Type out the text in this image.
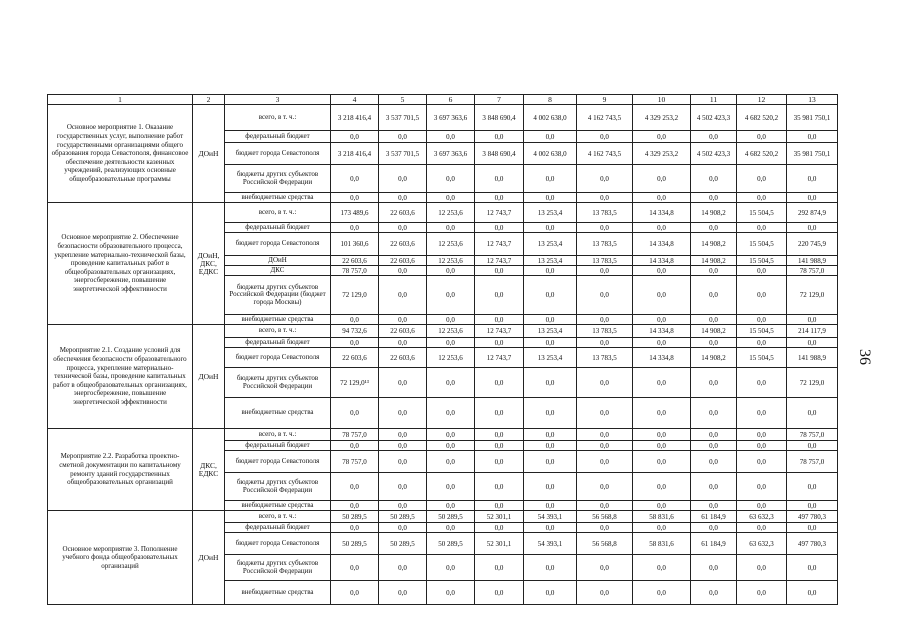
1	2	3	4	5	6	7	8	9	10	11	12	13
Основное мероприятие 1. Оказание государственных услуг, выполнение работ государственными организациями общего образования города Севастополя, финансовое обеспечение деятельности казенных учреждений, реализующих основные общеобразовательные программы	ДОиН	всего, в т. ч.:	3 218 416,4	3 537 701,5	3 697 363,6	3 848 690,4	4 002 638,0	4 162 743,5	4 329 253,2	4 502 423,3	4 682 520,2	35 981 750,1
		федеральный бюджет	0,0	0,0	0,0	0,0	0,0	0,0	0,0	0,0	0,0	0,0
		бюджет города Севастополя	3 218 416,4	3 537 701,5	3 697 363,6	3 848 690,4	4 002 638,0	4 162 743,5	4 329 253,2	4 502 423,3	4 682 520,2	35 981 750,1
		бюджеты других субъектов Российской Федерации	0,0	0,0	0,0	0,0	0,0	0,0	0,0	0,0	0,0	0,0
		внебюджетные средства	0,0	0,0	0,0	0,0	0,0	0,0	0,0	0,0	0,0	0,0
Основное мероприятие 2. Обеспечение безопасности образовательного процесса, укрепление материально-технической базы, проведение капитальных работ в общеобразовательных организациях, энергосбережение, повышение энергетической эффективности	ДОиН, ДКС, ЕДКС	всего, в т. ч.:	173 489,6	22 603,6	12 253,6	12 743,7	13 253,4	13 783,5	14 334,8	14 908,2	15 504,5	292 874,9
		федеральный бюджет	0,0	0,0	0,0	0,0	0,0	0,0	0,0	0,0	0,0	0,0
		бюджет города Севастополя	101 360,6	22 603,6	12 253,6	12 743,7	13 253,4	13 783,5	14 334,8	14 908,2	15 504,5	220 745,9
		ДОиН	22 603,6	22 603,6	12 253,6	12 743,7	13 253,4	13 783,5	14 334,8	14 908,2	15 504,5	141 988,9
		ДКС	78 757,0	0,0	0,0	0,0	0,0	0,0	0,0	0,0	0,0	78 757,0
		бюджеты других субъектов Российской Федерации (бюджет города Москвы)	72 129,0	0,0	0,0	0,0	0,0	0,0	0,0	0,0	0,0	72 129,0
		внебюджетные средства	0,0	0,0	0,0	0,0	0,0	0,0	0,0	0,0	0,0	0,0
Мероприятие 2.1. Создание условий для обеспечения безопасности образовательного процесса, укрепление материально-технической базы, проведение капитальных работ в общеобразовательных организациях, энергосбережение, повышение энергетической эффективности	ДОиН	всего, в т. ч.:	94 732,6	22 603,6	12 253,6	12 743,7	13 253,4	13 783,5	14 334,8	14 908,2	15 504,5	214 117,9
		федеральный бюджет	0,0	0,0	0,0	0,0	0,0	0,0	0,0	0,0	0,0	0,0
		бюджет города Севастополя	22 603,6	22 603,6	12 253,6	12 743,7	13 253,4	13 783,5	14 334,8	14 908,2	15 504,5	141 988,9
		бюджеты других субъектов Российской Федерации	72 129,0¹³	0,0	0,0	0,0	0,0	0,0	0,0	0,0	0,0	72 129,0
		внебюджетные средства	0,0	0,0	0,0	0,0	0,0	0,0	0,0	0,0	0,0	0,0
Мероприятие 2.2. Разработка проектно-сметной документации по капитальному ремонту зданий государственных общеобразовательных организаций	ДКС, ЕДКС	всего, в т. ч.:	78 757,0	0,0	0,0	0,0	0,0	0,0	0,0	0,0	0,0	78 757,0
		федеральный бюджет	0,0	0,0	0,0	0,0	0,0	0,0	0,0	0,0	0,0	0,0
		бюджет города Севастополя	78 757,0	0,0	0,0	0,0	0,0	0,0	0,0	0,0	0,0	78 757,0
		бюджеты других субъектов Российской Федерации	0,0	0,0	0,0	0,0	0,0	0,0	0,0	0,0	0,0	0,0
		внебюджетные средства	0,0	0,0	0,0	0,0	0,0	0,0	0,0	0,0	0,0	0,0
Основное мероприятие 3. Пополнение учебного фонда общеобразовательных организаций	ДОиН	всего, в т. ч.:	50 289,5	50 289,5	50 289,5	52 301,1	54 393,1	56 568,8	58 831,6	61 184,9	63 632,3	497 780,3
		федеральный бюджет	0,0	0,0	0,0	0,0	0,0	0,0	0,0	0,0	0,0	0,0
		бюджет города Севастополя	50 289,5	50 289,5	50 289,5	52 301,1	54 393,1	56 568,8	58 831,6	61 184,9	63 632,3	497 780,3
		бюджеты других субъектов Российской Федерации	0,0	0,0	0,0	0,0	0,0	0,0	0,0	0,0	0,0	0,0
		внебюджетные средства	0,0	0,0	0,0	0,0	0,0	0,0	0,0	0,0	0,0	0,0
36
